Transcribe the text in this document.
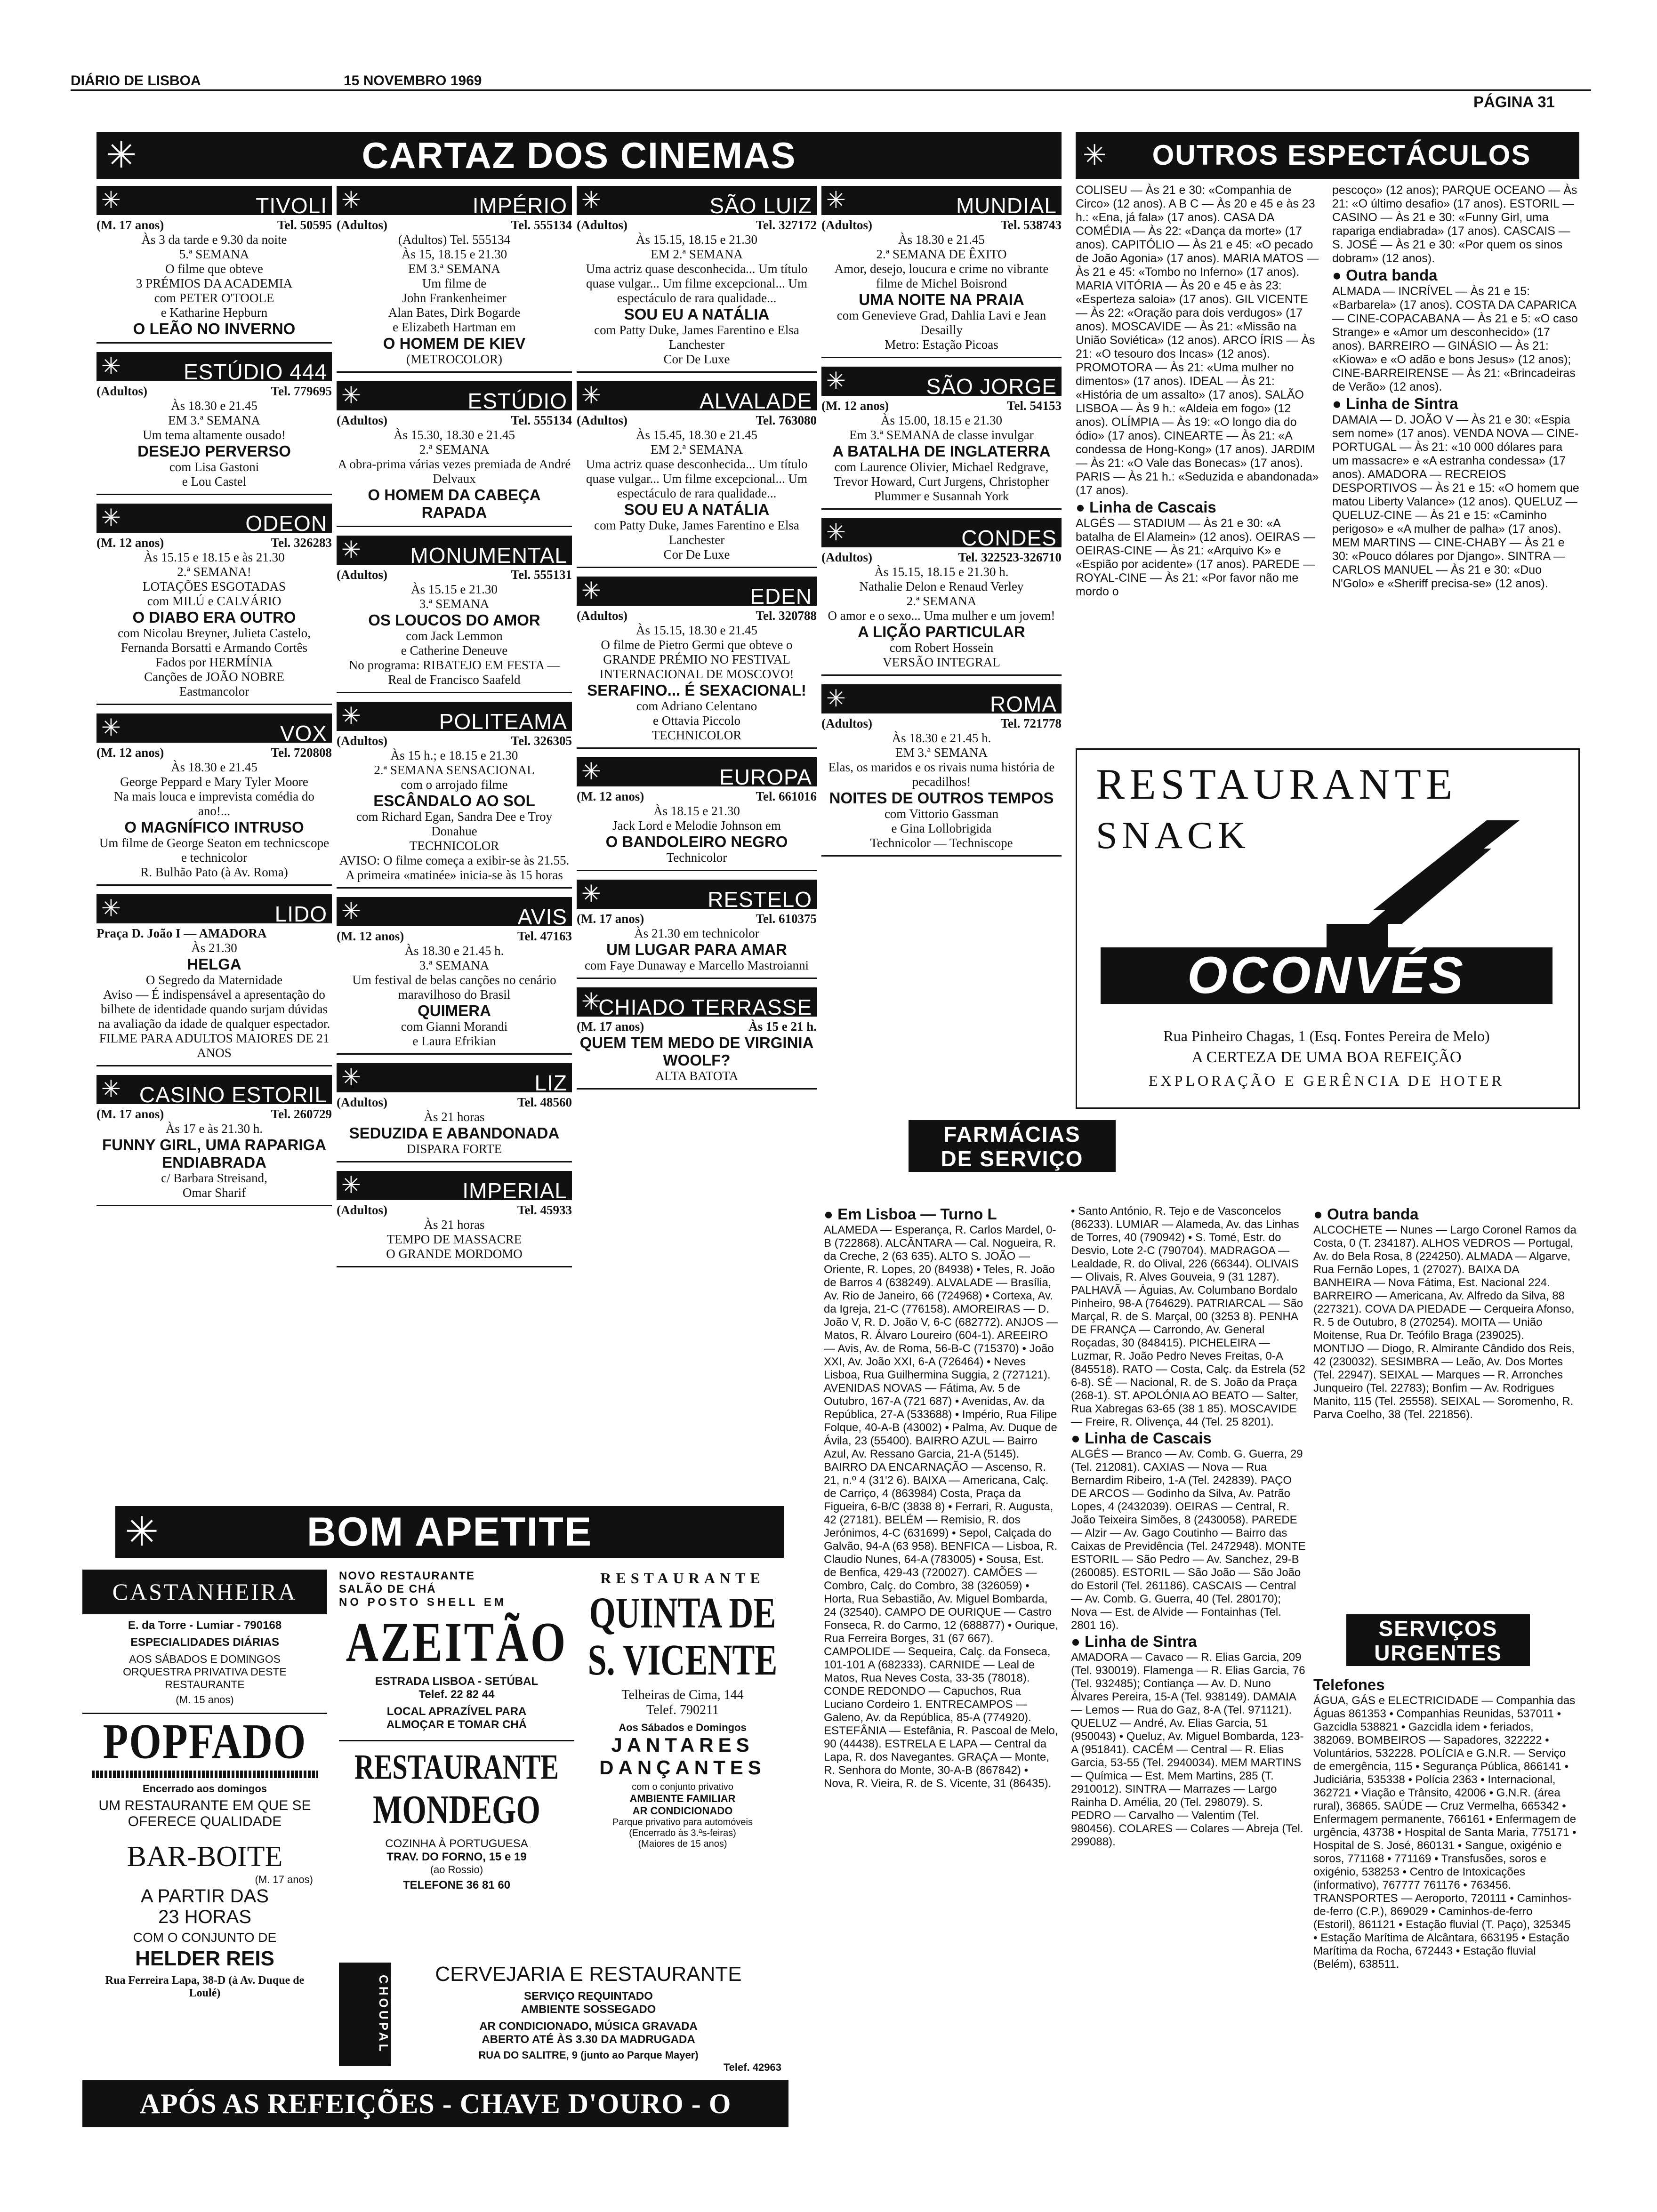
DIÁRIO DE LISBOA	15 NOVEMBRO 1969
PÁGINA 31
✳	CARTAZ DOS CINEMAS	✳ OUTROS ESPECTÁCULOS
✳	TIVOLI
(M. 17 anos)	Tel. 50595

Às 3 da tarde e 9.30 da noite

5.ª SEMANA

O filme que obteve

3 PRÉMIOS DA ACADEMIA

com PETER O'TOOLE

e Katharine Hepburn

O LEÃO NO INVERNO

✳	ESTÚDIO 444
(Adultos)	Tel. 779695

Às 18.30 e 21.45

EM 3.ª SEMANA

Um tema altamente ousado!

DESEJO PERVERSO

com Lisa Gastoni

e Lou Castel

✳	ODEON
(M. 12 anos)	Tel. 326283

Às 15.15 e 18.15 e às 21.30

2.ª SEMANA!

LOTAÇÕES ESGOTADAS

com MILÚ e CALVÁRIO

O DIABO ERA OUTRO

com Nicolau Breyner, Julieta Castelo, Fernanda Borsatti e Armando Cortês

Fados por HERMÍNIA

Canções de JOÃO NOBRE

Eastmancolor

✳	VOX
(M. 12 anos)	Tel. 720808

Às 18.30 e 21.45

George Peppard e Mary Tyler Moore

Na mais louca e imprevista comédia do ano!...

O MAGNÍFICO INTRUSO

Um filme de George Seaton em technicscope e technicolor

R. Bulhão Pato (à Av. Roma)

✳	LIDO
Praça D. João I — AMADORA

Às 21.30

HELGA

O Segredo da Maternidade

Aviso — É indispensável a apresentação do bilhete de identidade quando surjam dúvidas na avaliação da idade de qualquer espectador.

FILME PARA ADULTOS MAIORES DE 21 ANOS

✳ CASINO ESTORIL
(M. 17 anos)	Tel. 260729

Às 17 e às 21.30 h.

FUNNY GIRL, UMA RAPARIGA ENDIABRADA

c/ Barbara Streisand,

Omar Sharif

✳	IMPÉRIO
(Adultos)	Tel. 555134

(Adultos) Tel. 555134

Às 15, 18.15 e 21.30

EM 3.ª SEMANA

Um filme de

John Frankenheimer

Alan Bates, Dirk Bogarde

e Elizabeth Hartman em

O HOMEM DE KIEV

(METROCOLOR)

✳	ESTÚDIO
(Adultos)	Tel. 555134

Às 15.30, 18.30 e 21.45

2.ª SEMANA

A obra-prima várias vezes premiada de André Delvaux

O HOMEM DA CABEÇA RAPADA

✳ MONUMENTAL
(Adultos)	Tel. 555131

Às 15.15 e 21.30

3.ª SEMANA

OS LOUCOS DO AMOR

com Jack Lemmon

e Catherine Deneuve

No programa: RIBATEJO EM FESTA — Real de Francisco Saafeld

✳	POLITEAMA
(Adultos)	Tel. 326305

Às 15 h.; e 18.15 e 21.30

2.ª SEMANA SENSACIONAL

com o arrojado filme

ESCÂNDALO AO SOL

com Richard Egan, Sandra Dee e Troy Donahue

TECHNICOLOR

AVISO: O filme começa a exibir-se às 21.55. A primeira «matinée» inicia-se às 15 horas

✳	AVIS
(M. 12 anos)	Tel. 47163

Às 18.30 e 21.45 h.

3.ª SEMANA

Um festival de belas canções no cenário maravilhoso do Brasil

QUIMERA

com Gianni Morandi

e Laura Efrikian

✳	LIZ
(Adultos)	Tel. 48560

Às 21 horas

SEDUZIDA E ABANDONADA

DISPARA FORTE

✳	IMPERIAL
(Adultos)	Tel. 45933

Às 21 horas

TEMPO DE MASSACRE

O GRANDE MORDOMO

✳	SÃO LUIZ
(Adultos)	Tel. 327172

Às 15.15, 18.15 e 21.30

EM 2.ª SEMANA

Uma actriz quase desconhecida... Um título quase vulgar... Um filme excepcional... Um espectáculo de rara qualidade...

SOU EU A NATÁLIA

com Patty Duke, James Farentino e Elsa Lanchester

Cor De Luxe

✳	ALVALADE
(Adultos)	Tel. 763080

Às 15.45, 18.30 e 21.45

EM 2.ª SEMANA

Uma actriz quase desconhecida... Um título quase vulgar... Um filme excepcional... Um espectáculo de rara qualidade...

SOU EU A NATÁLIA

com Patty Duke, James Farentino e Elsa Lanchester

Cor De Luxe

✳	EDEN
(Adultos)	Tel. 320788

Às 15.15, 18.30 e 21.45

O filme de Pietro Germi que obteve o GRANDE PRÉMIO NO FESTIVAL INTERNACIONAL DE MOSCOVO!

SERAFINO... É SEXACIONAL!

com Adriano Celentano

e Ottavia Piccolo

TECHNICOLOR

✳	EUROPA
(M. 12 anos)	Tel. 661016

Às 18.15 e 21.30

Jack Lord e Melodie Johnson em

O BANDOLEIRO NEGRO

Technicolor

✳	RESTELO
(M. 17 anos)	Tel. 610375

Às 21.30 em technicolor

UM LUGAR PARA AMAR

com Faye Dunaway e Marcello Mastroianni

✳
CHIADO TERRASSE
(M. 17 anos)	Às 15 e 21 h.

QUEM TEM MEDO DE VIRGINIA WOOLF?

ALTA BATOTA

✳	MUNDIAL
(Adultos)	Tel. 538743

Às 18.30 e 21.45

2.ª SEMANA DE ÊXITO

Amor, desejo, loucura e crime no vibrante filme de Michel Boisrond

UMA NOITE NA PRAIA

com Genevieve Grad, Dahlia Lavi e Jean Desailly

Metro: Estação Picoas

✳	SÃO JORGE
(M. 12 anos)	Tel. 54153

Às 15.00, 18.15 e 21.30

Em 3.ª SEMANA de classe invulgar

A BATALHA DE INGLATERRA

com Laurence Olivier, Michael Redgrave, Trevor Howard, Curt Jurgens, Christopher Plummer e Susannah York

✳	CONDES
(Adultos)	Tel. 322523-326710

Às 15.15, 18.15 e 21.30 h.

Nathalie Delon e Renaud Verley

2.ª SEMANA

O amor e o sexo... Uma mulher e um jovem!

A LIÇÃO PARTICULAR

com Robert Hossein

VERSÃO INTEGRAL

✳	ROMA
(Adultos)	Tel. 721778

Às 18.30 e 21.45 h.

EM 3.ª SEMANA

Elas, os maridos e os rivais numa história de pecadilhos!

NOITES DE OUTROS TEMPOS

com Vittorio Gassman

e Gina Lollobrigida

Technicolor — Techniscope

COLISEU — Às 21 e 30: «Companhia de Circo» (12 anos). A B C — Às 20 e 45 e às 23 h.: «Ena, já fala» (17 anos). CASA DA COMÉDIA — Às 22: «Dança da morte» (17 anos). CAPITÓLIO — Às 21 e 45: «O pecado de João Agonia» (17 anos). MARIA MATOS — Às 21 e 45: «Tombo no Inferno» (17 anos). MARIA VITÓRIA — Às 20 e 45 e às 23: «Esperteza saloia» (17 anos). GIL VICENTE — Às 22: «Oração para dois verdugos» (17 anos). MOSCAVIDE — Às 21: «Missão na União Soviética» (12 anos). ARCO ÍRIS — Às 21: «O tesouro dos Incas» (12 anos). PROMOTORA — Às 21: «Uma mulher no dimentos» (17 anos). IDEAL — Às 21: «História de um assalto» (17 anos). SALÃO LISBOA — Às 9 h.: «Aldeia em fogo» (12 anos). OLÍMPIA — Às 19: «O longo dia do ódio» (17 anos). CINEARTE — Às 21: «A condessa de Hong-Kong» (17 anos). JARDIM — Às 21: «O Vale das Bonecas» (17 anos). PARIS — Às 21 h.: «Seduzida e abandonada» (17 anos).

● Linha de Cascais

ALGÉS — STADIUM — Às 21 e 30: «A batalha de El Alamein» (12 anos). OEIRAS — OEIRAS-CINE — Às 21: «Arquivo K» e «Espião por acidente» (17 anos). PAREDE — ROYAL-CINE — Às 21: «Por favor não me mordo o

pescoço» (12 anos); PARQUE OCEANO — Às 21: «O último desafio» (17 anos). ESTORIL — CASINO — Às 21 e 30: «Funny Girl, uma rapariga endiabrada» (17 anos). CASCAIS — S. JOSÉ — Às 21 e 30: «Por quem os sinos dobram» (12 anos).

● Outra banda

ALMADA — INCRÍVEL — Às 21 e 15: «Barbarela» (17 anos). COSTA DA CAPARICA — CINE-COPACABANA — Às 21 e 5: «O caso Strange» e «Amor um desconhecido» (17 anos). BARREIRO — GINÁSIO — Às 21: «Kiowa» e «O adão e bons Jesus» (12 anos); CINE-BARREIRENSE — Às 21: «Brincadeiras de Verão» (12 anos).

● Linha de Sintra

DAMAIA — D. JOÃO V — Às 21 e 30: «Espia sem nome» (17 anos). VENDA NOVA — CINE-PORTUGAL — Às 21: «10 000 dólares para um massacre» e «A estranha condessa» (17 anos). AMADORA — RECREIOS DESPORTIVOS — Às 21 e 15: «O homem que matou Liberty Valance» (12 anos). QUELUZ — QUELUZ-CINE — Às 21 e 15: «Caminho perigoso» e «A mulher de palha» (17 anos). MEM MARTINS — CINE-CHABY — Às 21 e 30: «Pouco dólares por Django». SINTRA — CARLOS MANUEL — Às 21 e 30: «Duo N'Golo» e «Sheriff precisa-se» (12 anos).

RESTAURANTE
SNACK
OCONVÉS
Rua Pinheiro Chagas, 1 (Esq. Fontes Pereira de Melo)
A CERTEZA DE UMA BOA REFEIÇÃO
EXPLORAÇÃO E GERÊNCIA DE HOTER
FARMÁCIAS
DE SERVIÇO

● Em Lisboa — Turno L

ALAMEDA — Esperança, R. Carlos Mardel, 0-B (722868). ALCÂNTARA — Cal. Nogueira, R. da Creche, 2 (63 635). ALTO S. JOÃO — Oriente, R. Lopes, 20 (84938) • Teles, R. João de Barros 4 (638249). ALVALADE — Brasília, Av. Rio de Janeiro, 66 (724968) • Cortexa, Av. da Igreja, 21-C (776158). AMOREIRAS — D. João V, R. D. João V, 6-C (682772). ANJOS — Matos, R. Álvaro Loureiro (604-1). AREEIRO — Avis, Av. de Roma, 56-B-C (715370) • João XXI, Av. João XXI, 6-A (726464) • Neves Lisboa, Rua Guilhermina Suggia, 2 (727121). AVENIDAS NOVAS — Fátima, Av. 5 de Outubro, 167-A (721 687) • Avenidas, Av. da República, 27-A (533688) • Império, Rua Filipe Folque, 40-A-B (43002) • Palma, Av. Duque de Ávila, 23 (55400). BAIRRO AZUL — Bairro Azul, Av. Ressano Garcia, 21-A (5145). BAIRRO DA ENCARNAÇÃO — Ascenso, R. 21, n.º 4 (31'2 6). BAIXA — Americana, Calç. de Carriço, 4 (863984) Costa, Praça da Figueira, 6-B/C (3838 8) • Ferrari, R. Augusta, 42 (27181). BELÉM — Remisio, R. dos Jerónimos, 4-C (631699) • Sepol, Calçada do Galvão, 94-A (63 958). BENFICA — Lisboa, R. Claudio Nunes, 64-A (783005) • Sousa, Est. de Benfica, 429-43 (720027). CAMÕES — Combro, Calç. do Combro, 38 (326059) • Horta, Rua Sebastião, Av. Miguel Bombarda, 24 (32540). CAMPO DE OURIQUE — Castro Fonseca, R. do Carmo, 12 (688877) • Ourique, Rua Ferreira Borges, 31 (67 667). CAMPOLIDE — Sequeira, Calç. da Fonseca, 101-101 A (682333). CARNIDE — Leal de Matos, Rua Neves Costa, 33-35 (78018). CONDE REDONDO — Capuchos, Rua Luciano Cordeiro 1. ENTRECAMPOS — Galeno, Av. da República, 85-A (774920). ESTEFÂNIA — Estefânia, R. Pascoal de Melo, 90 (44438). ESTRELA E LAPA — Central da Lapa, R. dos Navegantes. GRAÇA — Monte, R. Senhora do Monte, 30-A-B (867842) • Nova, R. Vieira, R. de S. Vicente, 31 (86435).

• Santo António, R. Tejo e de Vasconcelos (86233). LUMIAR — Alameda, Av. das Linhas de Torres, 40 (790942) • S. Tomé, Estr. do Desvio, Lote 2-C (790704). MADRAGOA — Lealdade, R. do Olival, 226 (66344). OLIVAIS — Olivais, R. Alves Gouveia, 9 (31 1287). PALHAVÃ — Águias, Av. Columbano Bordalo Pinheiro, 98-A (764629). PATRIARCAL — São Marçal, R. de S. Marçal, 00 (3253 8). PENHA DE FRANÇA — Carrondo, Av. General Roçadas, 30 (848415). PICHELEIRA — Luzmar, R. João Pedro Neves Freitas, 0-A (845518). RATO — Costa, Calç. da Estrela (52 6-8). SÉ — Nacional, R. de S. João da Praça (268-1). ST. APOLÓNIA AO BEATO — Salter, Rua Xabregas 63-65 (38 1 85). MOSCAVIDE — Freire, R. Olivença, 44 (Tel. 25 8201).

● Linha de Cascais

ALGÉS — Branco — Av. Comb. G. Guerra, 29 (Tel. 212081). CAXIAS — Nova — Rua Bernardim Ribeiro, 1-A (Tel. 242839). PAÇO DE ARCOS — Godinho da Silva, Av. Patrão Lopes, 4 (2432039). OEIRAS — Central, R. João Teixeira Simões, 8 (2430058). PAREDE — Alzir — Av. Gago Coutinho — Bairro das Caixas de Previdência (Tel. 2472948). MONTE ESTORIL — São Pedro — Av. Sanchez, 29-B (260085). ESTORIL — São João — São João do Estoril (Tel. 261186). CASCAIS — Central — Av. Comb. G. Guerra, 40 (Tel. 280170); Nova — Est. de Alvide — Fontainhas (Tel. 2801 16).

● Linha de Sintra

AMADORA — Cavaco — R. Elias Garcia, 209 (Tel. 930019). Flamenga — R. Elias Garcia, 76 (Tel. 932485); Contiança — Av. D. Nuno Álvares Pereira, 15-A (Tel. 938149). DAMAIA — Lemos — Rua do Gaz, 8-A (Tel. 971121). QUELUZ — André, Av. Elias Garcia, 51 (950043) • Queluz, Av. Miguel Bombarda, 123-A (951841). CACÉM — Central — R. Elias Garcia, 53-55 (Tel. 2940034). MEM MARTINS — Química — Est. Mem Martins, 285 (T. 2910012). SINTRA — Marrazes — Largo Rainha D. Amélia, 20 (Tel. 298079). S. PEDRO — Carvalho — Valentim (Tel. 980456). COLARES — Colares — Abreja (Tel. 299088).

● Outra banda

ALCOCHETE — Nunes — Largo Coronel Ramos da Costa, 0 (T. 234187). ALHOS VEDROS — Portugal, Av. do Bela Rosa, 8 (224250). ALMADA — Algarve, Rua Fernão Lopes, 1 (27027). BAIXA DA BANHEIRA — Nova Fátima, Est. Nacional 224. BARREIRO — Americana, Av. Alfredo da Silva, 88 (227321). COVA DA PIEDADE — Cerqueira Afonso, R. 5 de Outubro, 8 (270254). MOITA — União Moitense, Rua Dr. Teófilo Braga (239025). MONTIJO — Diogo, R. Almirante Cândido dos Reis, 42 (230032). SESIMBRA — Leão, Av. Dos Mortes (Tel. 22947). SEIXAL — Marques — R. Arronches Junqueiro (Tel. 22783); Bonfim — Av. Rodrigues Manito, 115 (Tel. 25558). SEIXAL — Soromenho, R. Parva Coelho, 38 (Tel. 221856).

SERVIÇOS
URGENTES

Telefones

ÁGUA, GÁS e ELECTRICIDADE — Companhia das Águas 861353 • Companhias Reunidas, 537011 • Gazcidla 538821 • Gazcidla idem • feriados, 382069. BOMBEIROS — Sapadores, 322222 • Voluntários, 532228. POLÍCIA e G.N.R. — Serviço de emergência, 115 • Segurança Pública, 866141 • Judiciária, 535338 • Polícia 2363 • Internacional, 362721 • Viação e Trânsito, 42006 • G.N.R. (área rural), 36865. SAÚDE — Cruz Vermelha, 665342 • Enfermagem permanente, 766161 • Enfermagem de urgência, 43738 • Hospital de Santa Maria, 775171 • Hospital de S. José, 860131 • Sangue, oxigénio e soros, 771168 • 771169 • Transfusões, soros e oxigénio, 538253 • Centro de Intoxicações (informativo), 767777 761176 • 763456. TRANSPORTES — Aeroporto, 720111 • Caminhos-de-ferro (C.P.), 869029 • Caminhos-de-ferro (Estoril), 861121 • Estação fluvial (T. Paço), 325345 • Estação Marítima de Alcântara, 663195 • Estação Marítima da Rocha, 672443 • Estação fluvial (Belém), 638511.

✳	BOM APETITE
CASTANHEIRA
E. da Torre - Lumiar - 790168
ESPECIALIDADES DIÁRIAS
AOS SÁBADOS E DOMINGOS ORQUESTRA PRIVATIVA DESTE RESTAURANTE
(M. 15 anos)
POPFADO
Encerrado aos domingos
UM RESTAURANTE EM QUE SE OFERECE QUALIDADE
BAR-BOITE
(M. 17 anos)
A PARTIR DAS
23 HORAS
COM O CONJUNTO DE
HELDER REIS
Rua Ferreira Lapa, 38-D (à Av. Duque de Loulé)
NOVO RESTAURANTE
SALÃO DE CHÁ
NO POSTO SHELL EM
AZEITÃO
ESTRADA LISBOA - SETÚBAL
Telef. 22 82 44
LOCAL APRAZÍVEL PARA ALMOÇAR E TOMAR CHÁ
RESTAURANTE
MONDEGO
COZINHA À PORTUGUESA
TRAV. DO FORNO, 15 e 19
(ao Rossio)
TELEFONE 36 81 60
RESTAURANTE
QUINTA DE
S. VICENTE
Telheiras de Cima, 144
Telef. 790211
Aos Sábados e Domingos
JANTARES
DANÇANTES
com o conjunto privativo
AMBIENTE FAMILIAR
AR CONDICIONADO
Parque privativo para automóveis
(Encerrado às 3.ªs-feiras)
(Maiores de 15 anos)
CHOUPAL
CERVEJARIA E RESTAURANTE
SERVIÇO REQUINTADO
AMBIENTE SOSSEGADO
AR CONDICIONADO, MÚSICA GRAVADA
ABERTO ATÉ ÀS 3.30 DA MADRUGADA
RUA DO SALITRE, 9 (junto ao Parque Mayer)
Telef. 42963
APÓS AS REFEIÇÕES - CHAVE D'OURO - O MELHOR CAFÉ
